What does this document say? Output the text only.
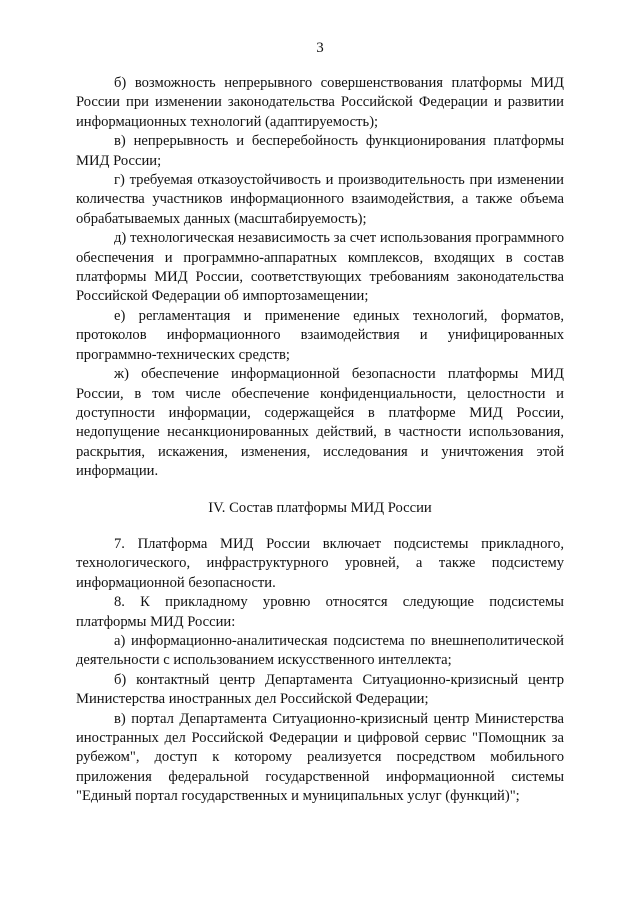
3

б) возможность непрерывного совершенствования платформы МИД России при изменении законодательства Российской Федерации и развитии информационных технологий (адаптируемость);

в) непрерывность и бесперебойность функционирования платформы МИД России;

г) требуемая отказоустойчивость и производительность при изменении количества участников информационного взаимодействия, а также объема обрабатываемых данных (масштабируемость);

д) технологическая независимость за счет использования программного обеспечения и программно-аппаратных комплексов, входящих в состав платформы МИД России, соответствующих требованиям законодательства Российской Федерации об импортозамещении;

е) регламентация и применение единых технологий, форматов, протоколов информационного взаимодействия и унифицированных программно-технических средств;

ж) обеспечение информационной безопасности платформы МИД России, в том числе обеспечение конфиденциальности, целостности и доступности информации, содержащейся в платформе МИД России, недопущение несанкционированных действий, в частности использования, раскрытия, искажения, изменения, исследования и уничтожения этой информации.

IV. Состав платформы МИД России

7. Платформа МИД России включает подсистемы прикладного, технологического, инфраструктурного уровней, а также подсистему информационной безопасности.

8. К прикладному уровню относятся следующие подсистемы платформы МИД России:

а) информационно-аналитическая подсистема по внешнеполитической деятельности с использованием искусственного интеллекта;

б) контактный центр Департамента Ситуационно-кризисный центр Министерства иностранных дел Российской Федерации;

в) портал Департамента Ситуационно-кризисный центр Министерства иностранных дел Российской Федерации и цифровой сервис "Помощник за рубежом", доступ к которому реализуется посредством мобильного приложения федеральной государственной информационной системы "Единый портал государственных и муниципальных услуг (функций)";
